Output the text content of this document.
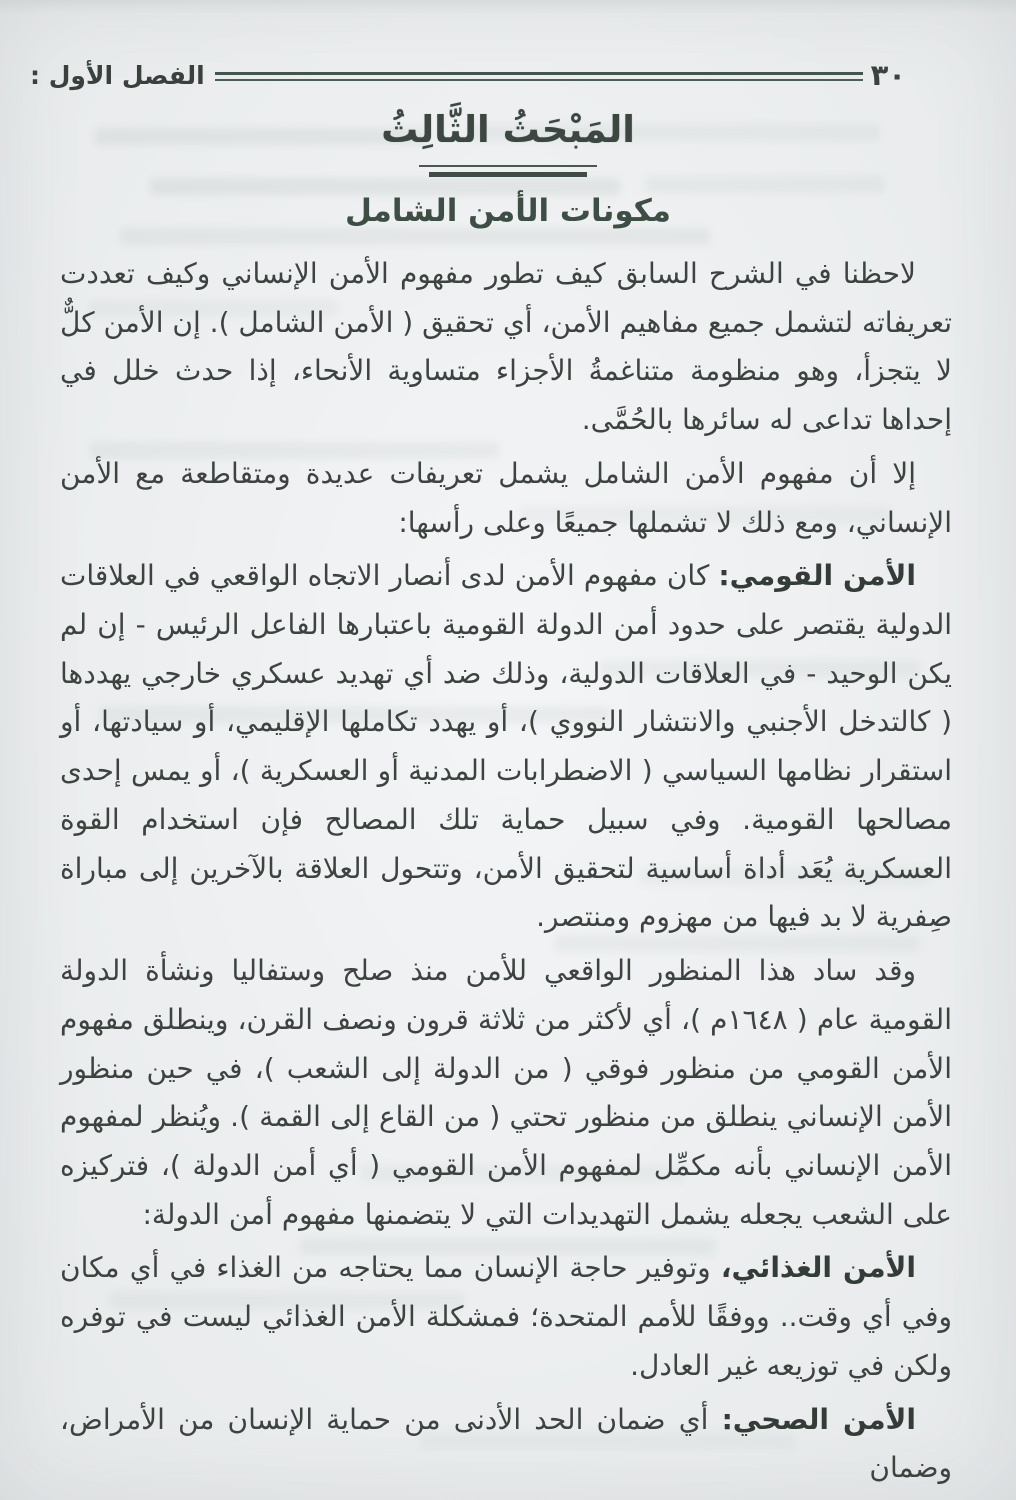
٣٠
الفصل الأول :
المَبْحَثُ الثَّالِثُ
مكونات الأمن الشامل

لاحظنا في الشرح السابق كيف تطور مفهوم الأمن الإنساني وكيف تعددت تعريفاته لتشمل جميع مفاهيم الأمن، أي تحقيق ( الأمن الشامل ). إن الأمن كلٌّ لا يتجزأ، وهو منظومة متناغمةُ الأجزاء متساوية الأنحاء، إذا حدث خلل في إحداها تداعى له سائرها بالحُمَّى.

إلا أن مفهوم الأمن الشامل يشمل تعريفات عديدة ومتقاطعة مع الأمن الإنساني، ومع ذلك لا تشملها جميعًا وعلى رأسها:

الأمن القومي: كان مفهوم الأمن لدى أنصار الاتجاه الواقعي في العلاقات الدولية يقتصر على حدود أمن الدولة القومية باعتبارها الفاعل الرئيس - إن لم يكن الوحيد - في العلاقات الدولية، وذلك ضد أي تهديد عسكري خارجي يهددها ( كالتدخل الأجنبي والانتشار النووي )، أو يهدد تكاملها الإقليمي، أو سيادتها، أو استقرار نظامها السياسي ( الاضطرابات المدنية أو العسكرية )، أو يمس إحدى مصالحها القومية. وفي سبيل حماية تلك المصالح فإن استخدام القوة العسكرية يُعَد أداة أساسية لتحقيق الأمن، وتتحول العلاقة بالآخرين إلى مباراة صِفرية لا بد فيها من مهزوم ومنتصر.

وقد ساد هذا المنظور الواقعي للأمن منذ صلح وستفاليا ونشأة الدولة القومية عام ( ١٦٤٨م )، أي لأكثر من ثلاثة قرون ونصف القرن، وينطلق مفهوم الأمن القومي من منظور فوقي ( من الدولة إلى الشعب )، في حين منظور الأمن الإنساني ينطلق من منظور تحتي ( من القاع إلى القمة ). ويُنظر لمفهوم الأمن الإنساني بأنه مكمِّل لمفهوم الأمن القومي ( أي أمن الدولة )، فتركيزه على الشعب يجعله يشمل التهديدات التي لا يتضمنها مفهوم أمن الدولة:

الأمن الغذائي، وتوفير حاجة الإنسان مما يحتاجه من الغذاء في أي مكان وفي أي وقت.. ووفقًا للأمم المتحدة؛ فمشكلة الأمن الغذائي ليست في توفره ولكن في توزيعه غير العادل.

الأمن الصحي: أي ضمان الحد الأدنى من حماية الإنسان من الأمراض، وضمان
